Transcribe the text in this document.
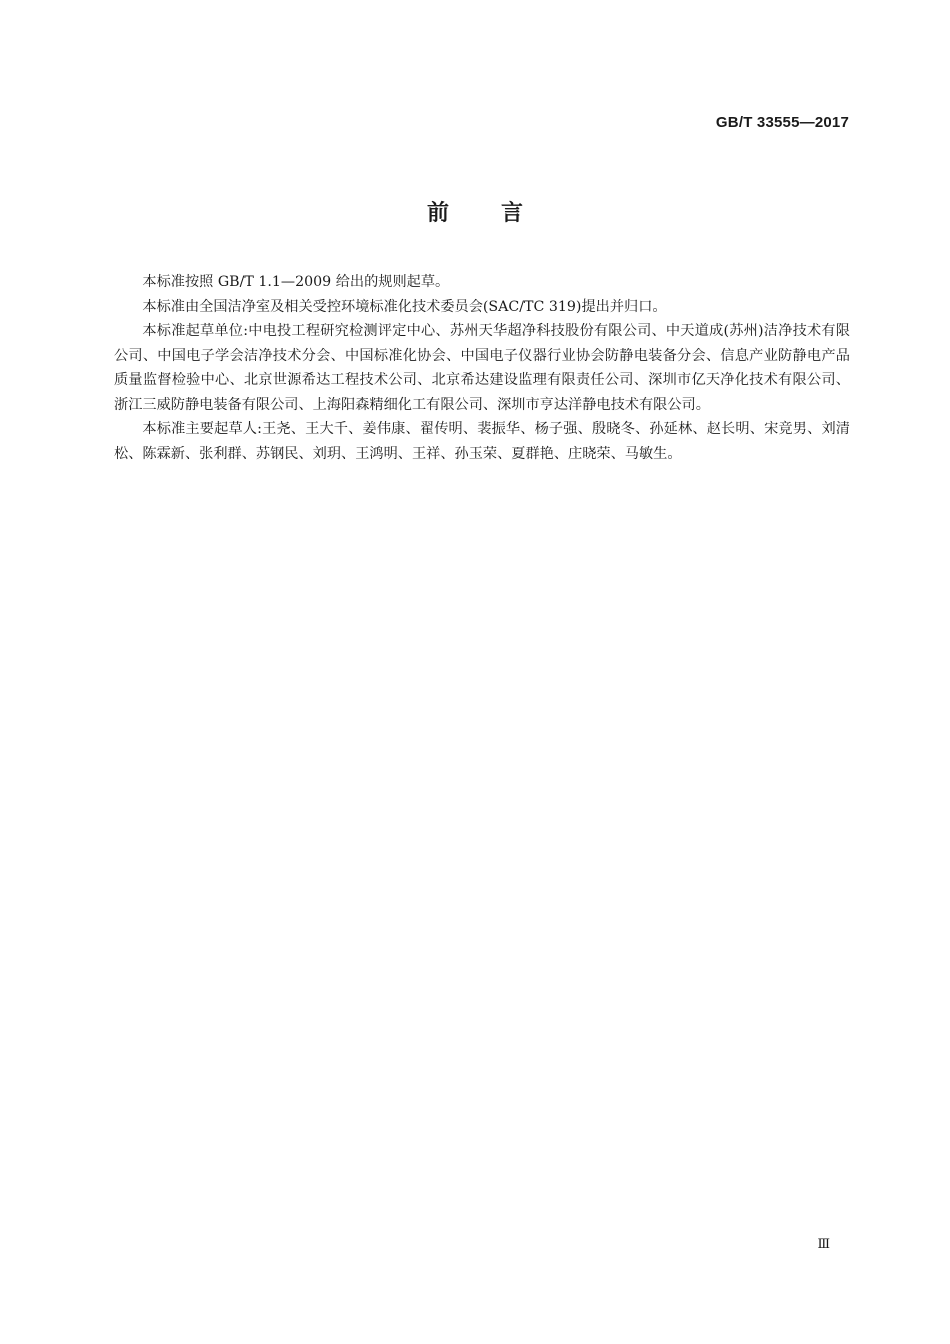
GB/T 33555—2017
前 言

本标准按照 GB/T 1.1—2009 给出的规则起草。

本标准由全国洁净室及相关受控环境标准化技术委员会(SAC/TC 319)提出并归口。

本标准起草单位:中电投工程研究检测评定中心、苏州天华超净科技股份有限公司、中天道成(苏州)洁净技术有限公司、中国电子学会洁净技术分会、中国标准化协会、中国电子仪器行业协会防静电装备分会、信息产业防静电产品质量监督检验中心、北京世源希达工程技术公司、北京希达建设监理有限责任公司、深圳市亿天净化技术有限公司、浙江三威防静电装备有限公司、上海阳森精细化工有限公司、深圳市亨达洋静电技术有限公司。

本标准主要起草人:王尧、王大千、姜伟康、翟传明、裴振华、杨子强、殷晓冬、孙延林、赵长明、宋竞男、刘清松、陈霖新、张利群、苏钢民、刘玥、王鸿明、王祥、孙玉荣、夏群艳、庄晓荣、马敏生。

Ⅲ
